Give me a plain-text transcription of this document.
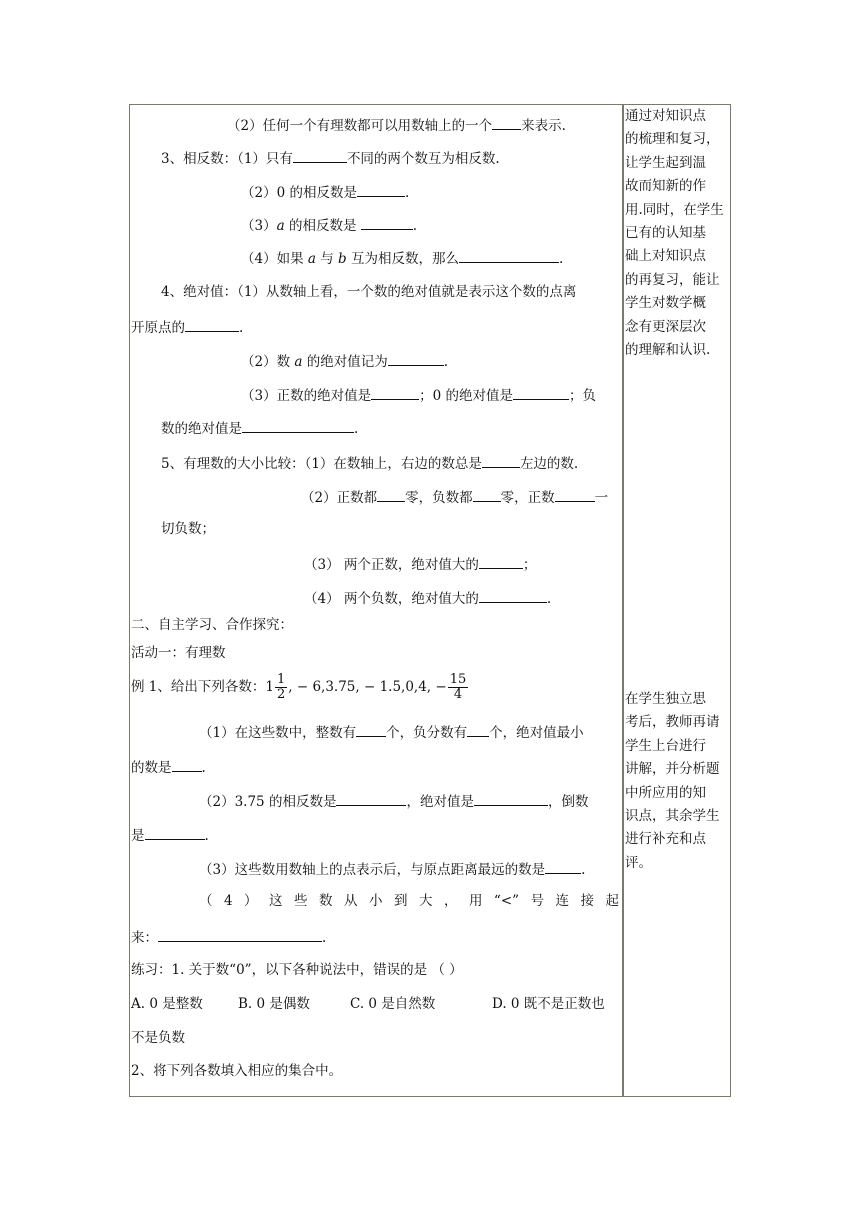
（2）任何一个有理数都可以用数轴上的一个 来表示.
3、相反数：（1）只有	不同的两个数互为相反数.
（2）0 的相反数是	.
（3）a 的相反数是	.
（4）如果 a 与 b 互为相反数，那么	.
4、绝对值：（1）从数轴上看，一个数的绝对值就是表示这个数的点离
开原点的	.
（2）数 a 的绝对值记为	.
（3）正数的绝对值是	；0 的绝对值是	；负
数的绝对值是	.
5、有理数的大小比较：（1）在数轴上，右边的数总是	左边的数.
（2）正数都 零，负数都 零，正数	一
切负数；
（3） 两个正数，绝对值大的	；
（4） 两个负数，绝对值大的	.
二、自主学习、合作探究：
活动一：有理数
例 1、给出下列各数：$1 \frac{1}{2}$ , − 6,3.75, − 1.5,0,4, − $\frac{15}{4}$
（1）在这些数中，整数有 个，负分数有 个，绝对值最小
的数是 .
（2）3.75 的相反数是	，绝对值是	，倒数
是	.
（3）这些数用数轴上的点表示后，与原点距离最远的数是	.
（4）这些数从小到大，用“<”号连接起
来：	.
练习：1. 关于数“0”，以下各种说法中，错误的是 （ ）
A. 0 是整数	B. 0 是偶数	C. 0 是自然数	D. 0 既不是正数也
不是负数
2、将下列各数填入相应的集合中。
通过对知识点
的梳理和复习，
让学生起到温
故而知新的作
用.同时，在学生
已有的认知基
础上对知识点
的再复习，能让
学生对数学概
念有更深层次
的理解和认识.
在学生独立思
考后，教师再请
学生上台进行
讲解，并分析题
中所应用的知
识点，其余学生
进行补充和点
评。
